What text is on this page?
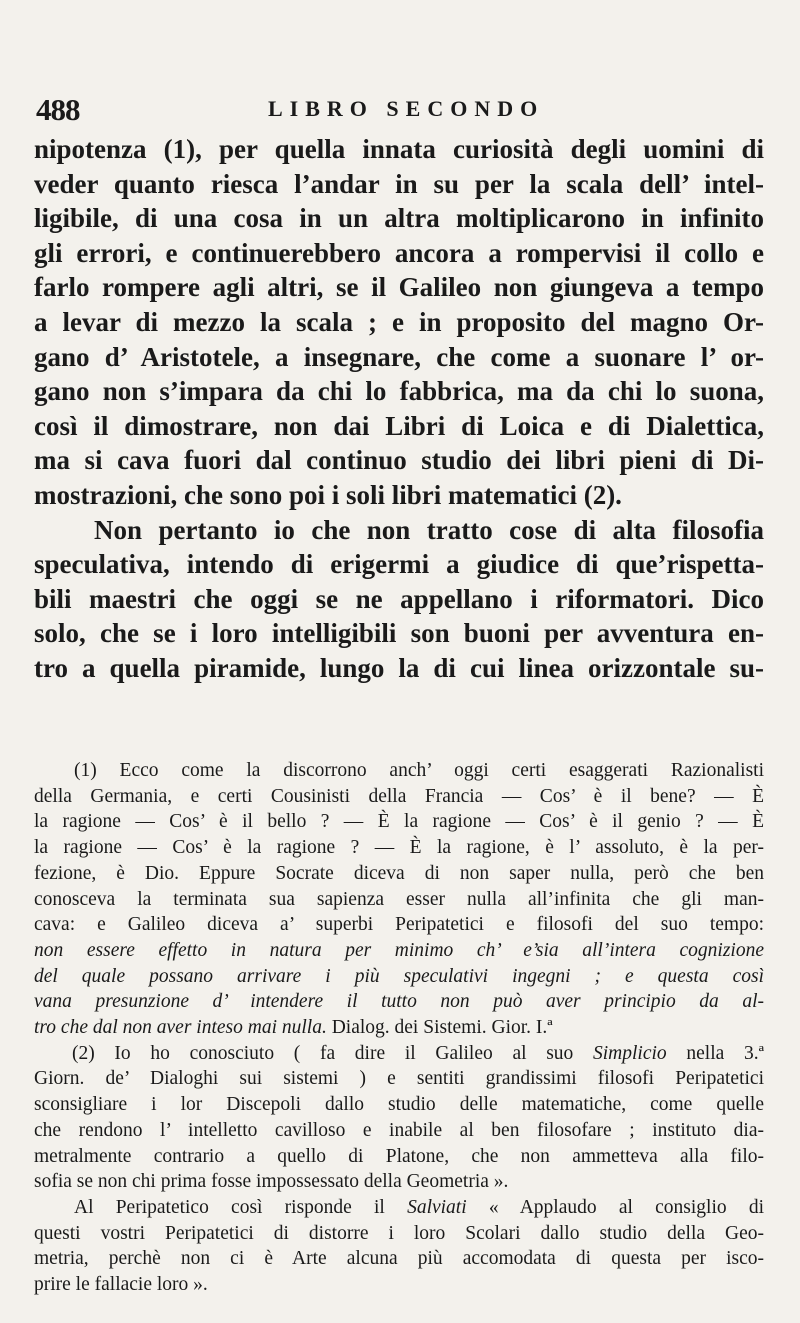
488	LIBRO SECONDO
nipotenza (1), per quella innata curiosità degli uomini di
veder quanto riesca l’andar in su per la scala dell’ intel-
ligibile, di una cosa in un altra moltiplicarono in infinito
gli errori, e continuerebbero ancora a rompervisi il collo e
farlo rompere agli altri, se il Galileo non giungeva a tempo
a levar di mezzo la scala ; e in proposito del magno Or-
gano d’ Aristotele, a insegnare, che come a suonare l’ or-
gano non s’impara da chi lo fabbrica, ma da chi lo suona,
così il dimostrare, non dai Libri di Loica e di Dialettica,
ma si cava fuori dal continuo studio dei libri pieni di Di-
mostrazioni, che sono poi i soli libri matematici (2).
Non pertanto io che non tratto cose di alta filosofia
speculativa, intendo di erigermi a giudice di que’rispetta-
bili maestri che oggi se ne appellano i riformatori. Dico
solo, che se i loro intelligibili son buoni per avventura en-
tro a quella piramide, lungo la di cui linea orizzontale su-
(1) Ecco come la discorrono anch’ oggi certi esaggerati Razionalisti
della Germania, e certi Cousinisti della Francia — Cos’ è il bene? — È
la ragione — Cos’ è il bello ? — È la ragione — Cos’ è il genio ? — È
la ragione — Cos’ è la ragione ? — È la ragione, è l’ assoluto, è la per-
fezione, è Dio. Eppure Socrate diceva di non saper nulla, però che ben
conosceva la terminata sua sapienza esser nulla all’infinita che gli man-
cava: e Galileo diceva a’ superbi Peripatetici e filosofi del suo tempo:
non essere effetto in natura per minimo ch’ e’sia all’intera cognizione
del quale possano arrivare i più speculativi ingegni ; e questa così
vana presunzione d’ intendere il tutto non può aver principio da al-
tro che dal non aver inteso mai nulla. Dialog. dei Sistemi. Gior. I.ª
(2) Io ho conosciuto ( fa dire il Galileo al suo Simplicio nella 3.ª
Giorn. de’ Dialoghi sui sistemi ) e sentiti grandissimi filosofi Peripatetici
sconsigliare i lor Discepoli dallo studio delle matematiche, come quelle
che rendono l’ intelletto cavilloso e inabile al ben filosofare ; instituto dia-
metralmente contrario a quello di Platone, che non ammetteva alla filo-
sofia se non chi prima fosse impossessato della Geometria ».
Al Peripatetico così risponde il Salviati « Applaudo al consiglio di
questi vostri Peripatetici di distorre i loro Scolari dallo studio della Geo-
metria, perchè non ci è Arte alcuna più accomodata di questa per isco-
prire le fallacie loro ».
